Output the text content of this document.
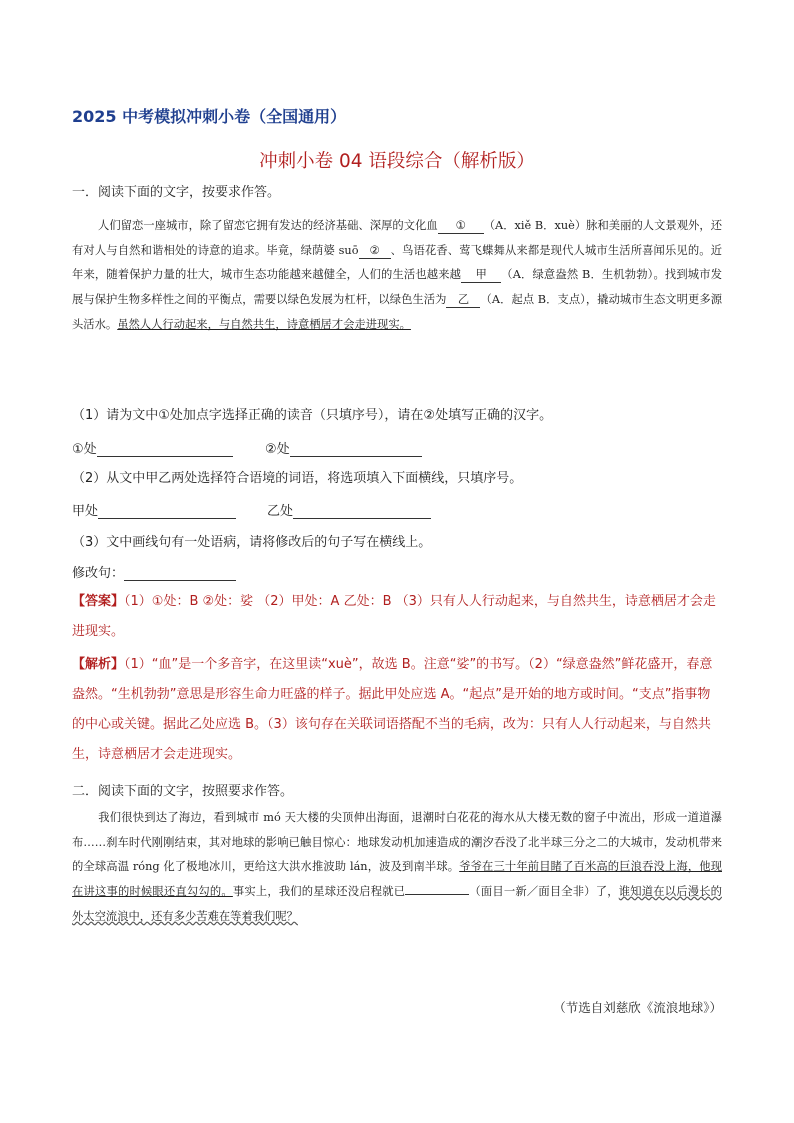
2025 中考模拟冲刺小卷（全国通用）
冲刺小卷 04 语段综合（解析版）
一．阅读下面的文字，按要求作答。
人们留恋一座城市，除了留恋它拥有发达的经济基础、深厚的文化血 ① （A．xiě B．xuè）脉和美丽的人文景观外，还有对人与自然和谐相处的诗意的追求。毕竟，绿荫婆 suō ② 、鸟语花香、莺飞蝶舞从来都是现代人城市生活所喜闻乐见的。近年来，随着保护力量的壮大，城市生态功能越来越健全，人们的生活也越来越 甲 （A．绿意盎然 B．生机勃勃）。找到城市发展与保护生物多样性之间的平衡点，需要以绿色发展为杠杆，以绿色生活为 乙 （A．起点 B．支点），撬动城市生态文明更多源头活水。虽然人人行动起来，与自然共生，诗意栖居才会走进现实。
（1）请为文中①处加点字选择正确的读音（只填序号），请在②处填写正确的汉字。
①处	②处
（2）从文中甲乙两处选择符合语境的词语，将选项填入下面横线，只填序号。
甲处	乙处
（3）文中画线句有一处语病，请将修改后的句子写在横线上。
修改句：
【答案】（1）①处：B ②处：娑 （2）甲处：A 乙处：B （3）只有人人行动起来，与自然共生，诗意栖居才会走进现实。
【解析】（1）“血”是一个多音字，在这里读“xuè”，故选 B。注意“娑”的书写。（2）“绿意盎然”鲜花盛开，春意盎然。“生机勃勃”意思是形容生命力旺盛的样子。据此甲处应选 A。“起点”是开始的地方或时间。“支点”指事物的中心或关键。据此乙处应选 B。（3）该句存在关联词语搭配不当的毛病，改为：只有人人行动起来，与自然共生，诗意栖居才会走进现实。
二．阅读下面的文字，按照要求作答。
我们很快到达了海边，看到城市 mó 天大楼的尖顶伸出海面，退潮时白花花的海水从大楼无数的窗子中流出，形成一道道瀑布……刹车时代刚刚结束，其对地球的影响已触目惊心：地球发动机加速造成的潮汐吞没了北半球三分之二的大城市，发动机带来的全球高温 róng 化了极地冰川，更给这大洪水推波助 lán，波及到南半球。爷爷在三十年前目睹了百米高的巨浪吞没上海，他现在讲这事的时候眼还直勾勾的。事实上，我们的星球还没启程就已	（面目一新／面目全非）了，谁知道在以后漫长的外太空流浪中，还有多少苦难在等着我们呢？
（节选自刘慈欣《流浪地球》）
